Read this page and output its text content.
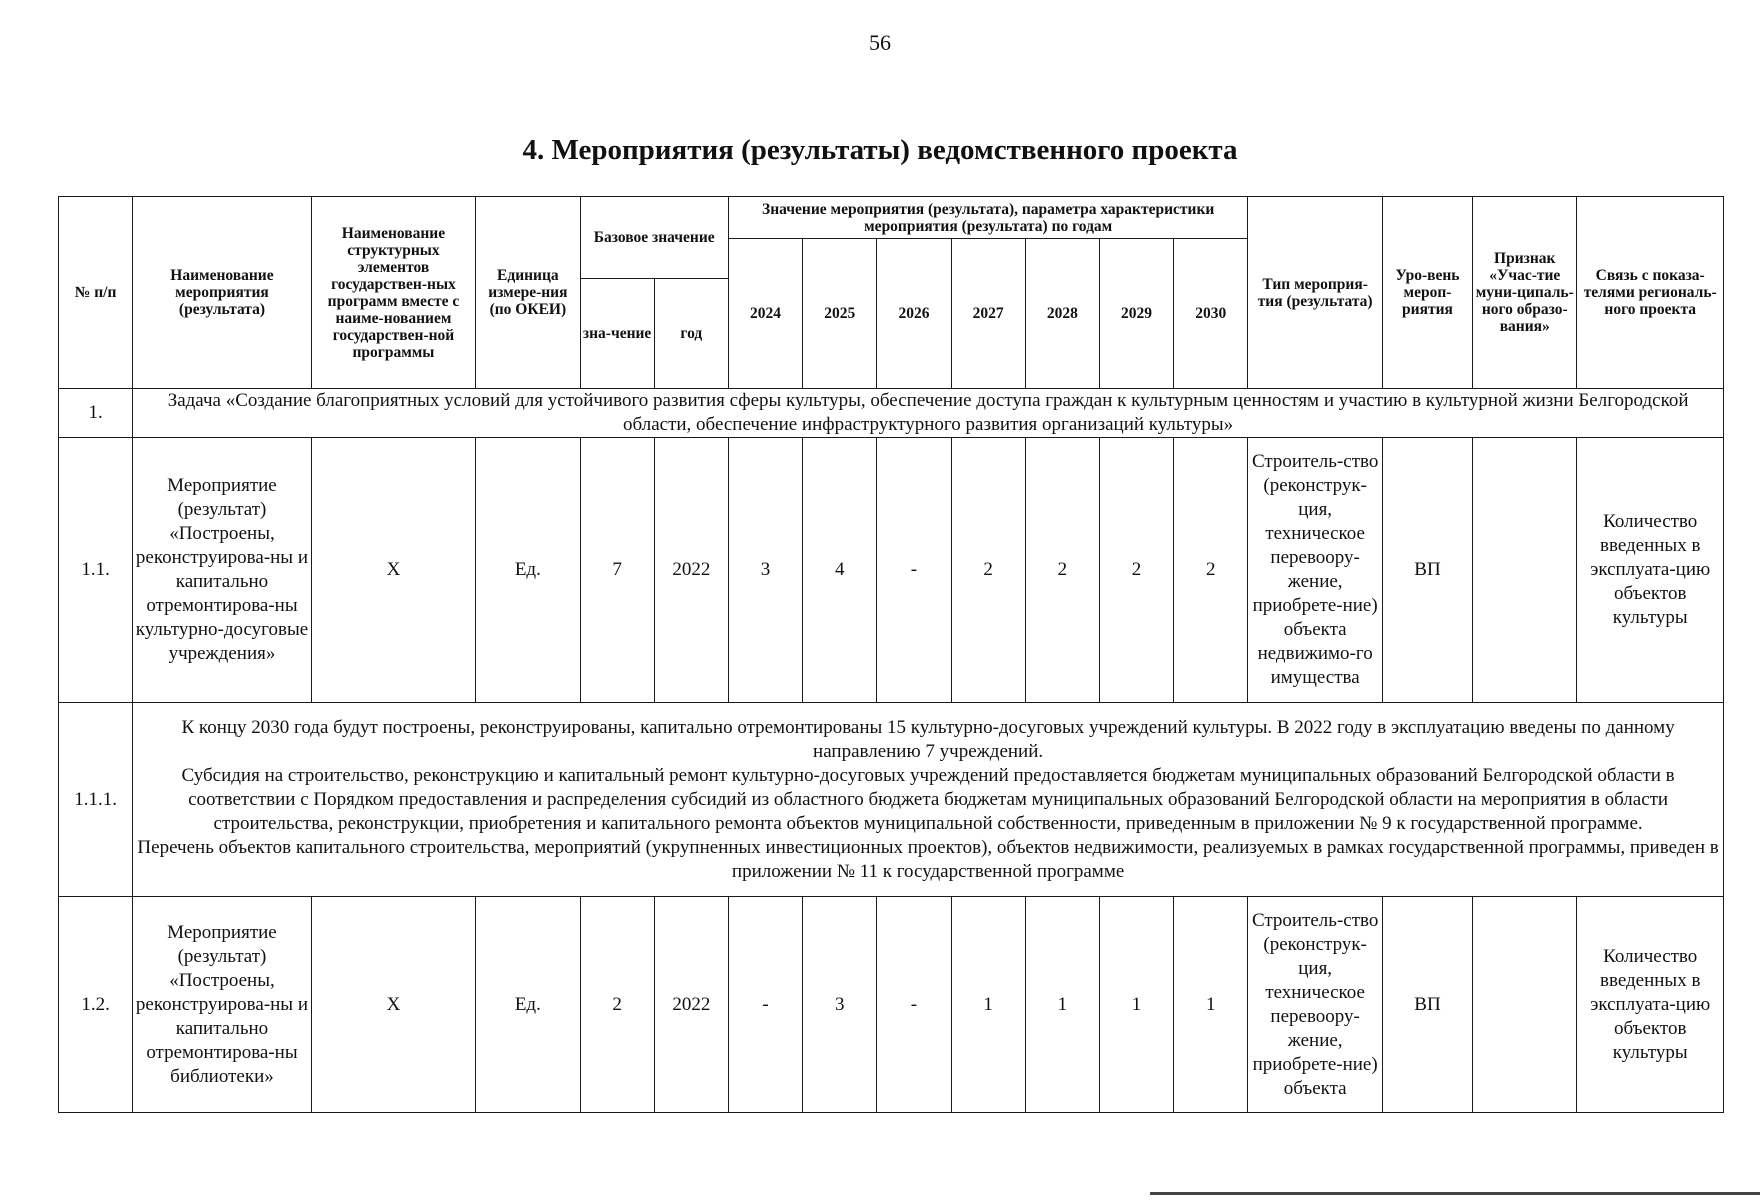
56
4. Мероприятия (результаты) ведомственного проекта
№ п/п	Наименование мероприятия (результата)	Наименование структурных элементов государствен-ных программ вместе с наиме-нованием государствен-ной программы	Единица измере-ния (по ОКЕИ)	Базовое значение		Значение мероприятия (результата), параметра характеристики мероприятия (результата) по годам							Тип мероприя-тия (результата)	Уро-вень мероп-риятия	Признак «Учас-тие муни-ципаль-ного образо-вания»	Связь с показа-телями региональ-ного проекта
						2024	2025	2026	2027	2028	2029	2030				
				зна-чение	год											
1.	Задача «Создание благоприятных условий для устойчивого развития сферы культуры, обеспечение доступа граждан к культурным ценностям и участию в культурной жизни Белгородской области, обеспечение инфраструктурного развития организаций культуры»															
1.1.	Мероприятие (результат) «Построены, реконструирова-ны и капитально отремонтирова-ны культурно-досуговые учреждения»	X	Ед.	7	2022	3	4	-	2	2	2	2	Строитель-ство (реконструк-ция, техническое перевоору-жение, приобрете-ние) объекта недвижимо-го имущества	ВП		Количество введенных в эксплуата-цию объектов культуры
1.1.1.	К концу 2030 года будут построены, реконструированы, капитально отремонтированы 15 культурно-досуговых учреждений культуры. В 2022 году в эксплуатацию введены по данному направлению 7 учреждений.
Субсидия на строительство, реконструкцию и капитальный ремонт культурно-досуговых учреждений предоставляется бюджетам муниципальных образований Белгородской области в соответствии с Порядком предоставления и распределения субсидий из областного бюджета бюджетам муниципальных образований Белгородской области на мероприятия в области строительства, реконструкции, приобретения и капитального ремонта объектов муниципальной собственности, приведенным в приложении № 9 к государственной программе.
Перечень объектов капитального строительства, мероприятий (укрупненных инвестиционных проектов), объектов недвижимости, реализуемых в рамках государственной программы, приведен в приложении № 11 к государственной программе															

1.2.	Мероприятие (результат) «Построены, реконструирова-ны и капитально отремонтирова-ны библиотеки»	X	Ед.	2	2022	-	3	-	1	1	1	1	Строитель-ство (реконструк-ция, техническое перевоору-жение, приобрете-ние) объекта	ВП		Количество введенных в эксплуата-цию объектов культуры
